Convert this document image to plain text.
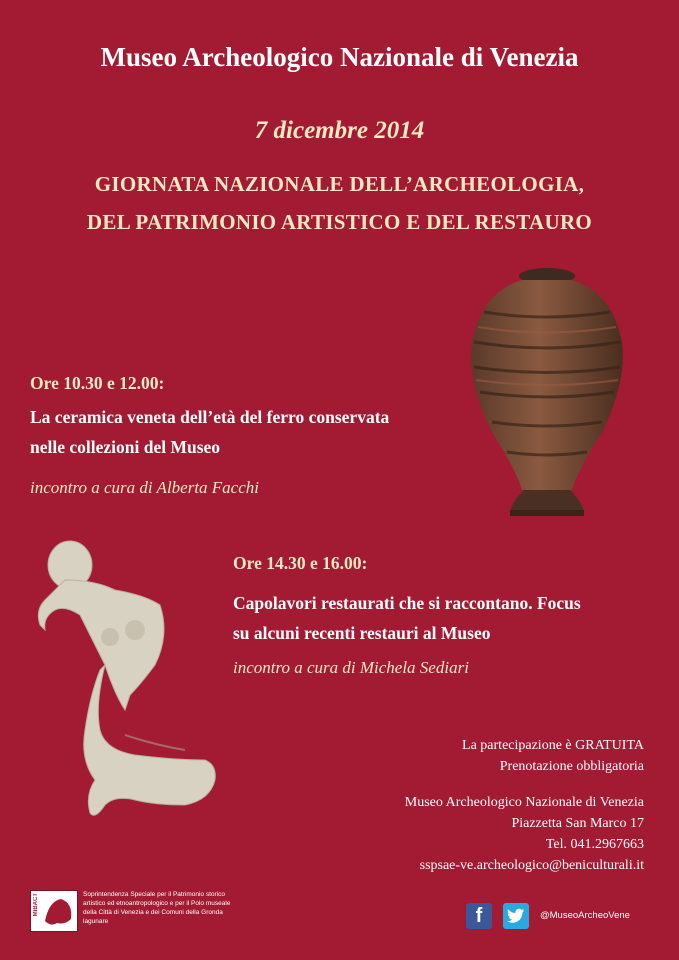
Museo Archeologico Nazionale di Venezia
7 dicembre 2014
GIORNATA NAZIONALE DELL’ARCHEOLOGIA,
DEL PATRIMONIO ARTISTICO E DEL RESTAURO
Ore 10.30 e 12.00:
La ceramica veneta dell’età del ferro conservata
nelle collezioni del Museo
incontro a cura di Alberta Facchi
Ore 14.30 e 16.00:
Capolavori restaurati che si raccontano. Focus
su alcuni recenti restauri al Museo
incontro a cura di Michela Sediari
La partecipazione è GRATUITA
Prenotazione obbligatoria
Museo Archeologico Nazionale di Venezia
Piazzetta San Marco 17
Tel. 041.2967663
sspsae-ve.archeologico@beniculturali.it
MiBACT	Soprintendenza Speciale per il Patrimonio storico artistico ed etnoantropologico e per il Polo museale della Città di Venezia e dei Comuni della Gronda lagunare	f	@MuseoArcheoVene
